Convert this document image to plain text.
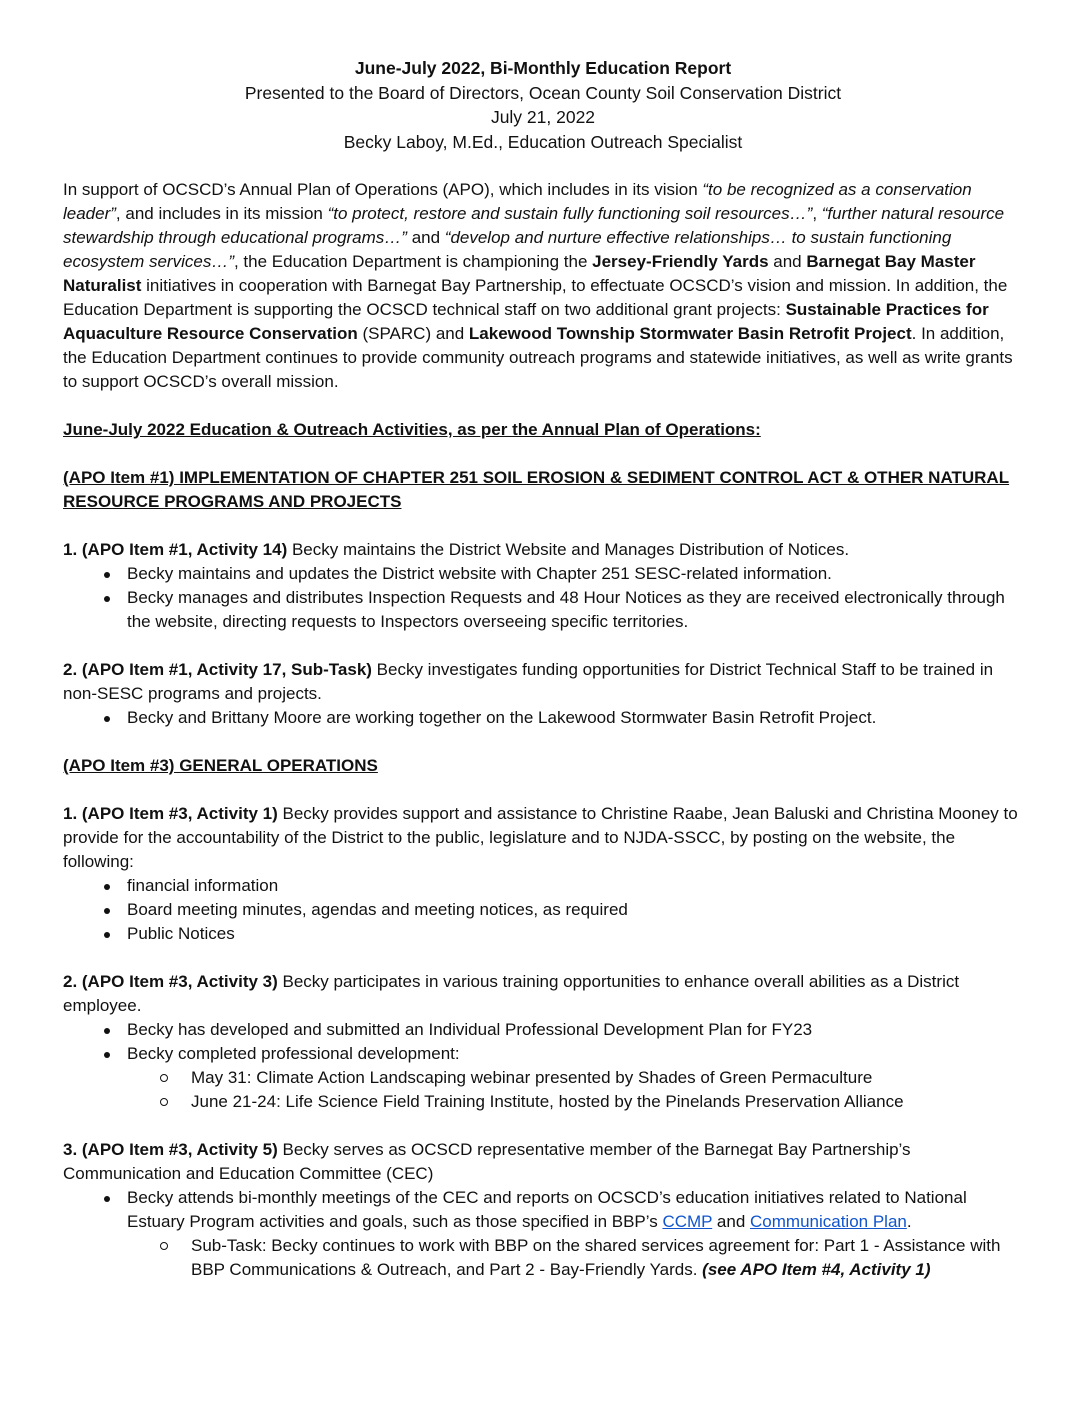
June-July 2022, Bi-Monthly Education Report

Presented to the Board of Directors, Ocean County Soil Conservation District

July 21, 2022

Becky Laboy, M.Ed., Education Outreach Specialist

In support of OCSCD’s Annual Plan of Operations (APO), which includes in its vision “to be recognized as a conservation leader”, and includes in its mission “to protect, restore and sustain fully functioning soil resources…”, “further natural resource stewardship through educational programs…” and “develop and nurture effective relationships… to sustain functioning ecosystem services…”, the Education Department is championing the Jersey-Friendly Yards and Barnegat Bay Master Naturalist initiatives in cooperation with Barnegat Bay Partnership, to effectuate OCSCD’s vision and mission. In addition, the Education Department is supporting the OCSCD technical staff on two additional grant projects: Sustainable Practices for Aquaculture Resource Conservation (SPARC) and Lakewood Township Stormwater Basin Retrofit Project. In addition, the Education Department continues to provide community outreach programs and statewide initiatives, as well as write grants to support OCSCD’s overall mission.

June-July 2022 Education & Outreach Activities, as per the Annual Plan of Operations:

(APO Item #1) IMPLEMENTATION OF CHAPTER 251 SOIL EROSION & SEDIMENT CONTROL ACT & OTHER NATURAL RESOURCE PROGRAMS AND PROJECTS

1. (APO Item #1, Activity 14) Becky maintains the District Website and Manages Distribution of Notices.

Becky maintains and updates the District website with Chapter 251 SESC-related information.
Becky manages and distributes Inspection Requests and 48 Hour Notices as they are received electronically through the website, directing requests to Inspectors overseeing specific territories.

2. (APO Item #1, Activity 17, Sub-Task) Becky investigates funding opportunities for District Technical Staff to be trained in non-SESC programs and projects.

Becky and Brittany Moore are working together on the Lakewood Stormwater Basin Retrofit Project.

(APO Item #3) GENERAL OPERATIONS

1. (APO Item #3, Activity 1) Becky provides support and assistance to Christine Raabe, Jean Baluski and Christina Mooney to provide for the accountability of the District to the public, legislature and to NJDA-SSCC, by posting on the website, the following:

financial information
Board meeting minutes, agendas and meeting notices, as required
Public Notices

2. (APO Item #3, Activity 3) Becky participates in various training opportunities to enhance overall abilities as a District employee.

Becky has developed and submitted an Individual Professional Development Plan for FY23
Becky completed professional development:
May 31: Climate Action Landscaping webinar presented by Shades of Green Permaculture
June 21-24: Life Science Field Training Institute, hosted by the Pinelands Preservation Alliance

3. (APO Item #3, Activity 5) Becky serves as OCSCD representative member of the Barnegat Bay Partnership’s Communication and Education Committee (CEC)

Becky attends bi-monthly meetings of the CEC and reports on OCSCD’s education initiatives related to National Estuary Program activities and goals, such as those specified in BBP’s CCMP and Communication Plan.
Sub-Task: Becky continues to work with BBP on the shared services agreement for: Part 1 - Assistance with BBP Communications & Outreach, and Part 2 - Bay-Friendly Yards. (see APO Item #4, Activity 1)
